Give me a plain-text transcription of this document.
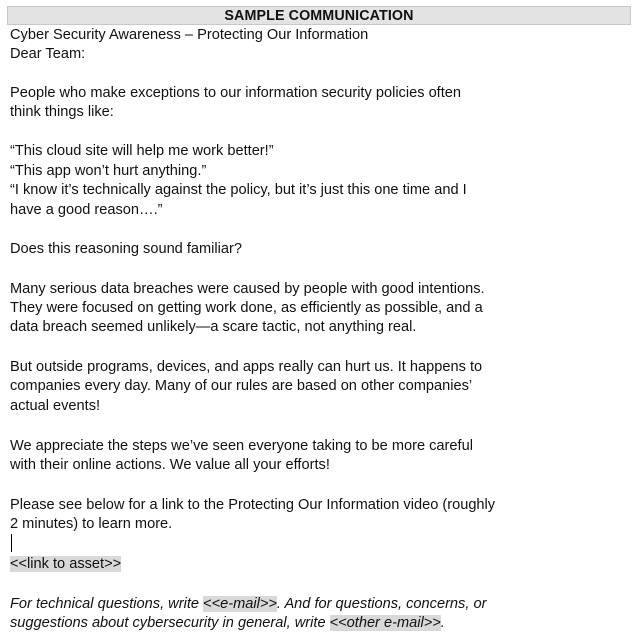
SAMPLE COMMUNICATION
Cyber Security Awareness – Protecting Our Information
Dear Team:
People who make exceptions to our information security policies often
think things like:
“This cloud site will help me work better!”
“This app won’t hurt anything.”
“I know it’s technically against the policy, but it’s just this one time and I
have a good reason….”
Does this reasoning sound familiar?
Many serious data breaches were caused by people with good intentions.
They were focused on getting work done, as efficiently as possible, and a
data breach seemed unlikely—a scare tactic, not anything real.
But outside programs, devices, and apps really can hurt us. It happens to
companies every day. Many of our rules are based on other companies’
actual events!
We appreciate the steps we’ve seen everyone taking to be more careful
with their online actions. We value all your efforts!
Please see below for a link to the Protecting Our Information video (roughly
2 minutes) to learn more.
<<link to asset>>
For technical questions, write <<e-mail>>. And for questions, concerns, or
suggestions about cybersecurity in general, write <<other e-mail>>.
